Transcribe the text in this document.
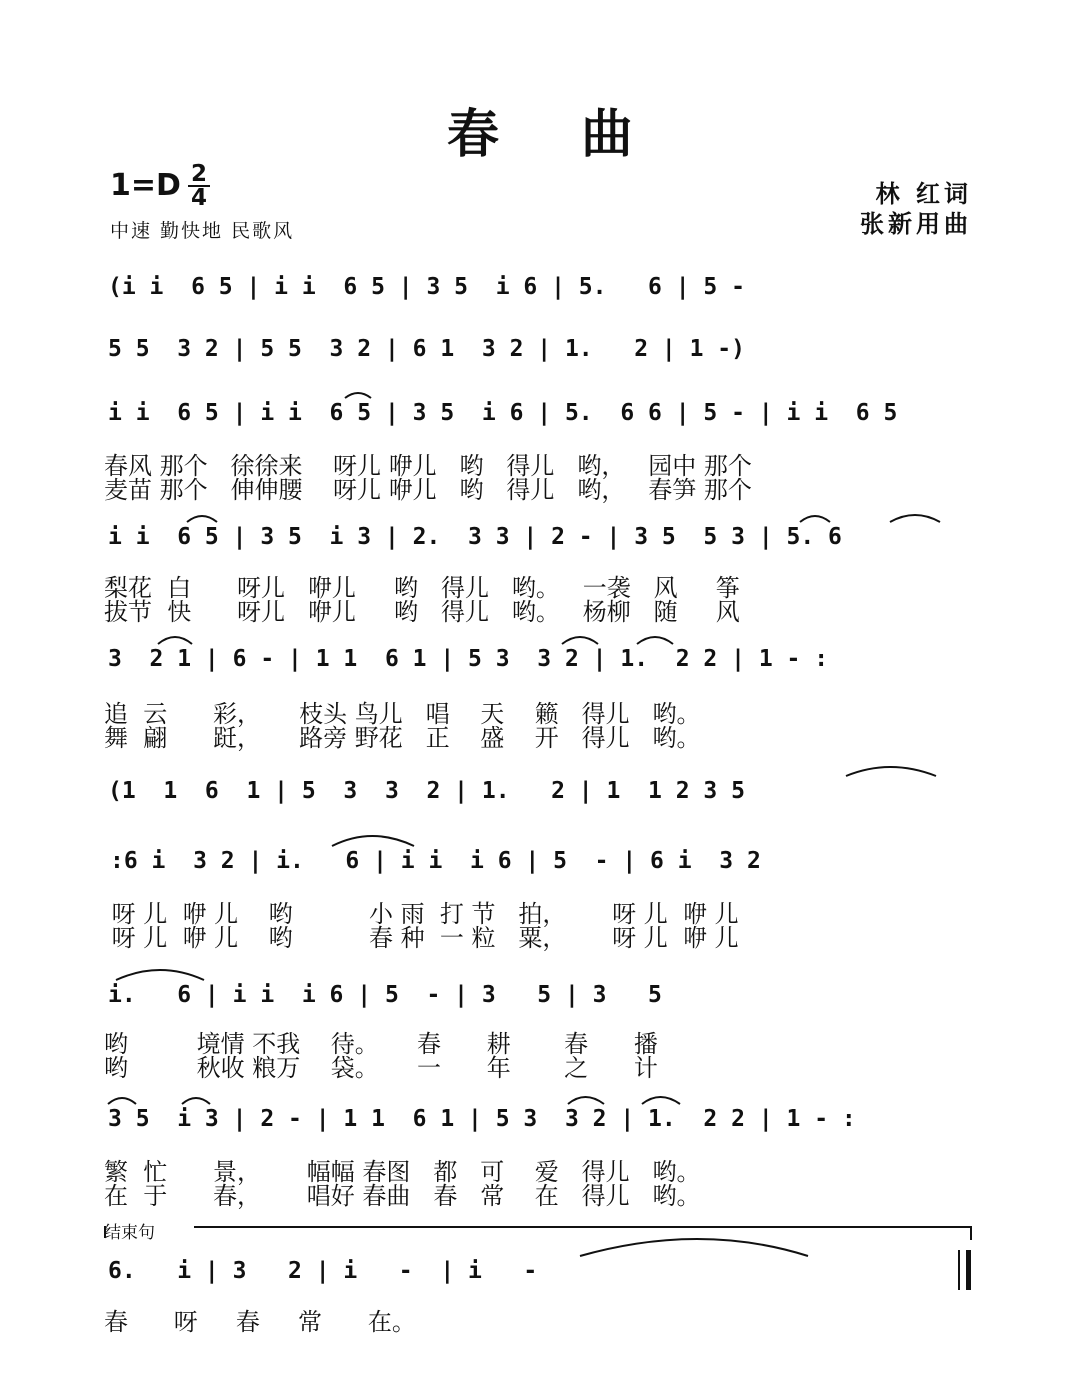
春 曲
1=D 2
4
中速 勤快地 民歌风
林 红词
张新用曲
(i i  6 5 | i i  6 5 | 3 5  i 6 | 5.   6 | 5 -
5 5  3 2 | 5 5  3 2 | 6 1  3 2 | 1.   2 | 1 -)
i i  6 5 | i i  6 5 | 3 5  i 6 | 5.  6 6 | 5 - | i i  6 5
春风 那个   徐徐来    呀儿 咿儿   哟   得儿   哟，   园中 那个
麦苗 那个   伸伸腰    呀儿 咿儿   哟   得儿   哟，   春笋 那个
i i  6 5 | 3 5  i 3 | 2.  3 3 | 2 - | 3 5  5 3 | 5. 6
梨花  白      呀儿   咿儿     哟   得儿   哟。   一袭   风     筝
拔节  快      呀儿   咿儿     哟   得儿   哟。   杨柳   随     风
3  2 1 | 6 - | 1 1  6 1 | 5 3  3 2 | 1.  2 2 | 1 - :
追  云      彩，     枝头 鸟儿   唱    天    籁   得儿   哟。
舞  翩      跹，     路旁 野花   正    盛    开   得儿   哟。
(1  1  6  1 | 5  3  3  2 | 1.   2 | 1  1 2 3 5
:6 i  3 2 | i.   6 | i i  i 6 | 5  - | 6 i  3 2
呀 儿  咿 儿    哟          小 雨  打 节   拍，      呀 儿  咿 儿
呀 儿  咿 儿    哟          春 种  一 粒   粟，      呀 儿  咿 儿
i.   6 | i i  i 6 | 5  - | 3   5 | 3   5
哟         境情 不我    待。     春      耕       春      播
哟         秋收 粮万    袋。     一      年       之      计
3 5  i 3 | 2 - | 1 1  6 1 | 5 3  3 2 | 1.  2 2 | 1 - :
繁  忙      景，      幅幅 春图   都   可    爱   得儿   哟。
在  于      春，      唱好 春曲   春   常    在   得儿   哟。
结束句
6.   i | 3   2 | i   -  | i   -
春      呀     春     常      在。
